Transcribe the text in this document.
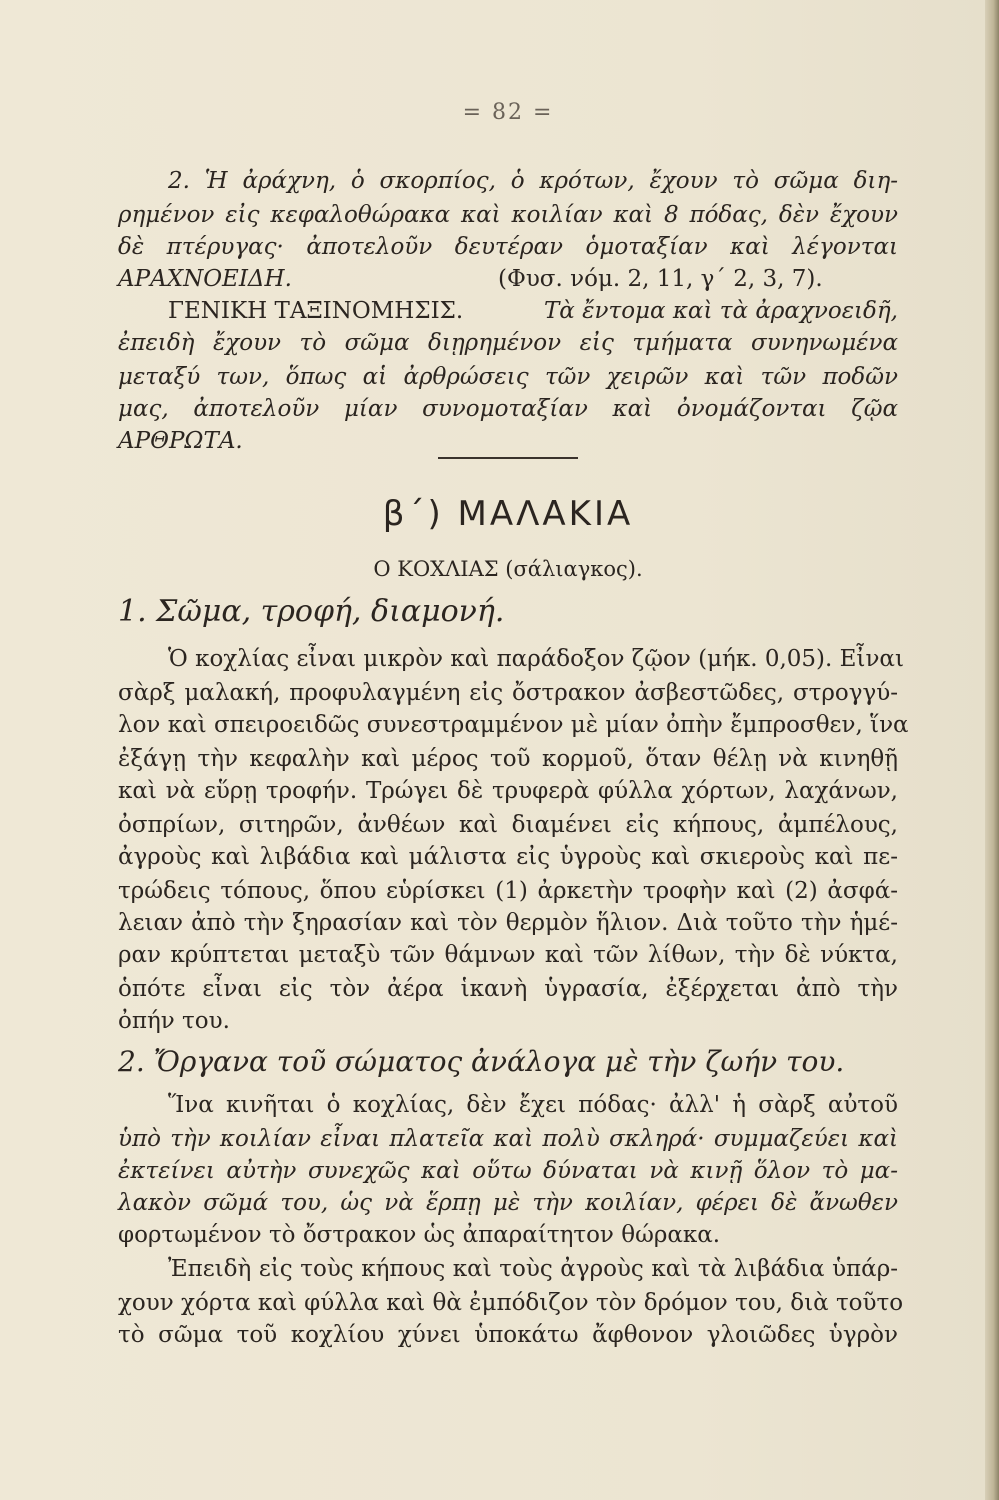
= 82 =
2. Ἡ ἀράχνη, ὁ σκορπίος, ὁ κρότων, ἔχουν τὸ σῶμα διη-
ρημένον εἰς κεφαλοθώρακα καὶ κοιλίαν καὶ 8 πόδας, δὲν ἔχουν
δὲ πτέρυγας· ἀποτελοῦν δευτέραν ὁμοταξίαν καὶ λέγονται
ΑΡΑΧΝΟΕΙΔΗ.	(Φυσ. νόμ. 2, 11, γ΄ 2, 3, 7).
ΓΕΝΙΚΗ ΤΑΞΙΝΟΜΗΣΙΣ.	Τὰ ἔντομα καὶ τὰ ἀραχνοειδῆ,
ἐπειδὴ ἔχουν τὸ σῶμα διῃρημένον εἰς τμήματα συνηνωμένα
μεταξύ των, ὅπως αἱ ἀρθρώσεις τῶν χειρῶν καὶ τῶν ποδῶν
μας, ἀποτελοῦν μίαν συνομοταξίαν καὶ ὀνομάζονται ζῷα
ΑΡΘΡΩΤΑ.
β΄) ΜΑΛΑΚΙΑ
Ο ΚΟΧΛΙΑΣ (σάλιαγκος).
1. Σῶμα, τροφή, διαμονή.
Ὁ κοχλίας εἶναι μικρὸν καὶ παράδοξον ζῷον (μήκ. 0,05). Εἶναι
σὰρξ μαλακή, προφυλαγμένη εἰς ὄστρακον ἀσβεστῶδες, στρογγύ-
λον καὶ σπειροειδῶς συνεστραμμένον μὲ μίαν ὀπὴν ἔμπροσθεν, ἵνα
ἐξάγῃ τὴν κεφαλὴν καὶ μέρος τοῦ κορμοῦ, ὅταν θέλῃ νὰ κινηθῇ
καὶ νὰ εὕρῃ τροφήν. Τρώγει δὲ τρυφερὰ φύλλα χόρτων, λαχάνων,
ὀσπρίων, σιτηρῶν, ἀνθέων καὶ διαμένει εἰς κήπους, ἀμπέλους,
ἀγροὺς καὶ λιβάδια καὶ μάλιστα εἰς ὑγροὺς καὶ σκιεροὺς καὶ πε-
τρώδεις τόπους, ὅπου εὑρίσκει (1) ἀρκετὴν τροφὴν καὶ (2) ἀσφά-
λειαν ἀπὸ τὴν ξηρασίαν καὶ τὸν θερμὸν ἥλιον. Διὰ τοῦτο τὴν ἡμέ-
ραν κρύπτεται μεταξὺ τῶν θάμνων καὶ τῶν λίθων, τὴν δὲ νύκτα,
ὁπότε εἶναι εἰς τὸν ἀέρα ἱκανὴ ὑγρασία, ἐξέρχεται ἀπὸ τὴν
ὀπήν του.
2. Ὄργανα τοῦ σώματος ἀνάλογα μὲ τὴν ζωήν του.
Ἵνα κινῆται ὁ κοχλίας, δὲν ἔχει πόδας· ἀλλ' ἡ σὰρξ αὐτοῦ
ὑπὸ τὴν κοιλίαν εἶναι πλατεῖα καὶ πολὺ σκληρά· συμμαζεύει καὶ
ἐκτείνει αὐτὴν συνεχῶς καὶ οὕτω δύναται νὰ κινῇ ὅλον τὸ μα-
λακὸν σῶμά του, ὡς νὰ ἕρπῃ μὲ τὴν κοιλίαν, φέρει δὲ ἄνωθεν
φορτωμένον τὸ ὄστρακον ὡς ἀπαραίτητον θώρακα.
Ἐπειδὴ εἰς τοὺς κήπους καὶ τοὺς ἀγροὺς καὶ τὰ λιβάδια ὑπάρ-
χουν χόρτα καὶ φύλλα καὶ θὰ ἐμπόδιζον τὸν δρόμον του, διὰ τοῦτο
τὸ σῶμα τοῦ κοχλίου χύνει ὑποκάτω ἄφθονον γλοιῶδες ὑγρὸν
